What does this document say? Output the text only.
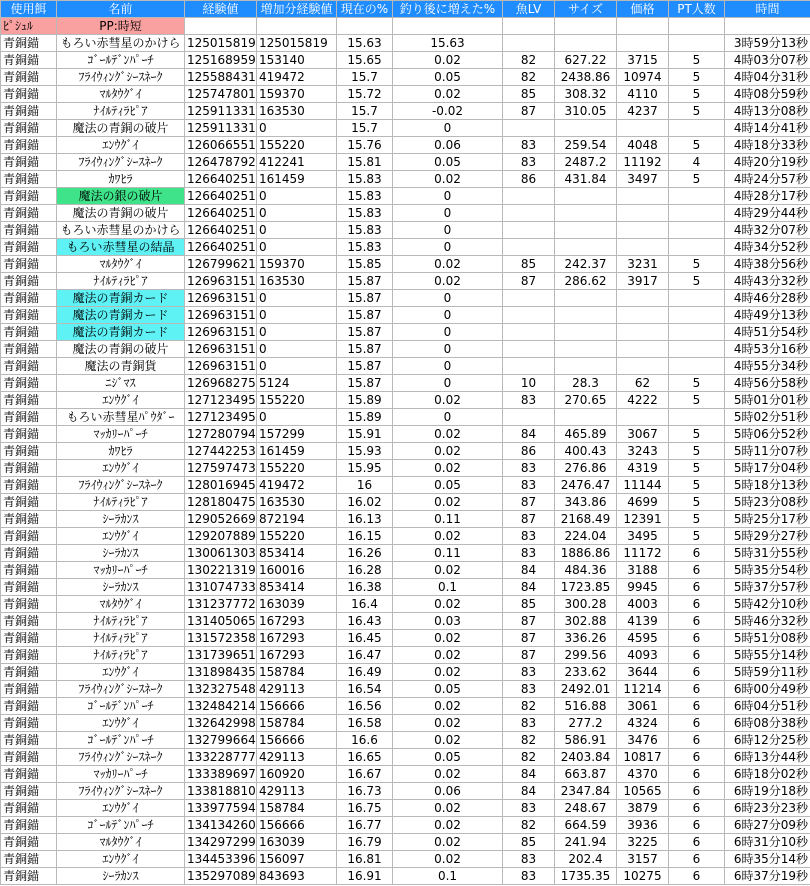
使用餌	名前	経験値	増加分経験値	現在の%	釣り後に増えた%	魚LV	サイズ	価格	PT人数	時間
ﾋﾟｼｭﾙ	PP:時短									
青銅錨	もろい赤彗星のかけら	125015819	125015819	15.63	15.63					3時59分13秒
青銅錨	ｺﾞｰﾙﾃﾞﾝﾊﾟｰﾁ	125168959	153140	15.65	0.02	82	627.22	3715	5	4時03分07秒
青銅錨	ﾌﾗｲｳｨﾝｸﾞｼｰｽﾈｰｸ	125588431	419472	15.7	0.05	82	2438.86	10974	5	4時04分31秒
青銅錨	ﾏﾙﾀｳｸﾞｲ	125747801	159370	15.72	0.02	85	308.32	4110	5	4時08分59秒
青銅錨	ﾅｲﾙﾃｨﾗﾋﾟｱ	125911331	163530	15.7	-0.02	87	310.05	4237	5	4時13分08秒
青銅錨	魔法の青銅の破片	125911331	0	15.7	0					4時14分41秒
青銅錨	ｴﾝｳｸﾞｲ	126066551	155220	15.76	0.06	83	259.54	4048	5	4時18分33秒
青銅錨	ﾌﾗｲｳｨﾝｸﾞｼｰｽﾈｰｸ	126478792	412241	15.81	0.05	83	2487.2	11192	4	4時20分19秒
青銅錨	ｶﾜﾋﾗ	126640251	161459	15.83	0.02	86	431.84	3497	5	4時24分57秒
青銅錨	魔法の銀の破片	126640251	0	15.83	0					4時28分17秒
青銅錨	魔法の青銅の破片	126640251	0	15.83	0					4時29分44秒
青銅錨	もろい赤彗星のかけら	126640251	0	15.83	0					4時32分07秒
青銅錨	もろい赤彗星の結晶	126640251	0	15.83	0					4時34分52秒
青銅錨	ﾏﾙﾀｳｸﾞｲ	126799621	159370	15.85	0.02	85	242.37	3231	5	4時38分56秒
青銅錨	ﾅｲﾙﾃｨﾗﾋﾟｱ	126963151	163530	15.87	0.02	87	286.62	3917	5	4時43分32秒
青銅錨	魔法の青銅カード	126963151	0	15.87	0					4時46分28秒
青銅錨	魔法の青銅カード	126963151	0	15.87	0					4時49分13秒
青銅錨	魔法の青銅カード	126963151	0	15.87	0					4時51分54秒
青銅錨	魔法の青銅の破片	126963151	0	15.87	0					4時53分16秒
青銅錨	魔法の青銅貨	126963151	0	15.87	0					4時55分34秒
青銅錨	ﾆｼﾞﾏｽ	126968275	5124	15.87	0	10	28.3	62	5	4時56分58秒
青銅錨	ｴﾝｳｸﾞｲ	127123495	155220	15.89	0.02	83	270.65	4222	5	5時01分01秒
青銅錨	もろい赤彗星ﾊﾟｳﾀﾞｰ	127123495	0	15.89	0					5時02分51秒
青銅錨	ﾏｯｶﾘｰﾊﾟｰﾁ	127280794	157299	15.91	0.02	84	465.89	3067	5	5時06分52秒
青銅錨	ｶﾜﾋﾗ	127442253	161459	15.93	0.02	86	400.43	3243	5	5時11分07秒
青銅錨	ｴﾝｳｸﾞｲ	127597473	155220	15.95	0.02	83	276.86	4319	5	5時17分04秒
青銅錨	ﾌﾗｲｳｨﾝｸﾞｼｰｽﾈｰｸ	128016945	419472	16	0.05	83	2476.47	11144	5	5時18分13秒
青銅錨	ﾅｲﾙﾃｨﾗﾋﾟｱ	128180475	163530	16.02	0.02	87	343.86	4699	5	5時23分08秒
青銅錨	ｼｰﾗｶﾝｽ	129052669	872194	16.13	0.11	87	2168.49	12391	5	5時25分17秒
青銅錨	ｴﾝｳｸﾞｲ	129207889	155220	16.15	0.02	83	224.04	3495	5	5時29分27秒
青銅錨	ｼｰﾗｶﾝｽ	130061303	853414	16.26	0.11	83	1886.86	11172	6	5時31分55秒
青銅錨	ﾏｯｶﾘｰﾊﾟｰﾁ	130221319	160016	16.28	0.02	84	484.36	3188	6	5時35分54秒
青銅錨	ｼｰﾗｶﾝｽ	131074733	853414	16.38	0.1	84	1723.85	9945	6	5時37分57秒
青銅錨	ﾏﾙﾀｳｸﾞｲ	131237772	163039	16.4	0.02	85	300.28	4003	6	5時42分10秒
青銅錨	ﾅｲﾙﾃｨﾗﾋﾟｱ	131405065	167293	16.43	0.03	87	302.88	4139	6	5時46分32秒
青銅錨	ﾅｲﾙﾃｨﾗﾋﾟｱ	131572358	167293	16.45	0.02	87	336.26	4595	6	5時51分08秒
青銅錨	ﾅｲﾙﾃｨﾗﾋﾟｱ	131739651	167293	16.47	0.02	87	299.56	4093	6	5時55分14秒
青銅錨	ｴﾝｳｸﾞｲ	131898435	158784	16.49	0.02	83	233.62	3644	6	5時59分11秒
青銅錨	ﾌﾗｲｳｨﾝｸﾞｼｰｽﾈｰｸ	132327548	429113	16.54	0.05	83	2492.01	11214	6	6時00分49秒
青銅錨	ｺﾞｰﾙﾃﾞﾝﾊﾟｰﾁ	132484214	156666	16.56	0.02	82	516.88	3061	6	6時04分51秒
青銅錨	ｴﾝｳｸﾞｲ	132642998	158784	16.58	0.02	83	277.2	4324	6	6時08分38秒
青銅錨	ｺﾞｰﾙﾃﾞﾝﾊﾟｰﾁ	132799664	156666	16.6	0.02	82	586.91	3476	6	6時12分25秒
青銅錨	ﾌﾗｲｳｨﾝｸﾞｼｰｽﾈｰｸ	133228777	429113	16.65	0.05	82	2403.84	10817	6	6時13分44秒
青銅錨	ﾏｯｶﾘｰﾊﾟｰﾁ	133389697	160920	16.67	0.02	84	663.87	4370	6	6時18分02秒
青銅錨	ﾌﾗｲｳｨﾝｸﾞｼｰｽﾈｰｸ	133818810	429113	16.73	0.06	84	2347.84	10565	6	6時19分18秒
青銅錨	ｴﾝｳｸﾞｲ	133977594	158784	16.75	0.02	83	248.67	3879	6	6時23分23秒
青銅錨	ｺﾞｰﾙﾃﾞﾝﾊﾟｰﾁ	134134260	156666	16.77	0.02	82	664.59	3936	6	6時27分09秒
青銅錨	ﾏﾙﾀｳｸﾞｲ	134297299	163039	16.79	0.02	85	241.94	3225	6	6時31分10秒
青銅錨	ｴﾝｳｸﾞｲ	134453396	156097	16.81	0.02	83	202.4	3157	6	6時35分14秒
青銅錨	ｼｰﾗｶﾝｽ	135297089	843693	16.91	0.1	83	1735.35	10275	6	6時37分19秒
